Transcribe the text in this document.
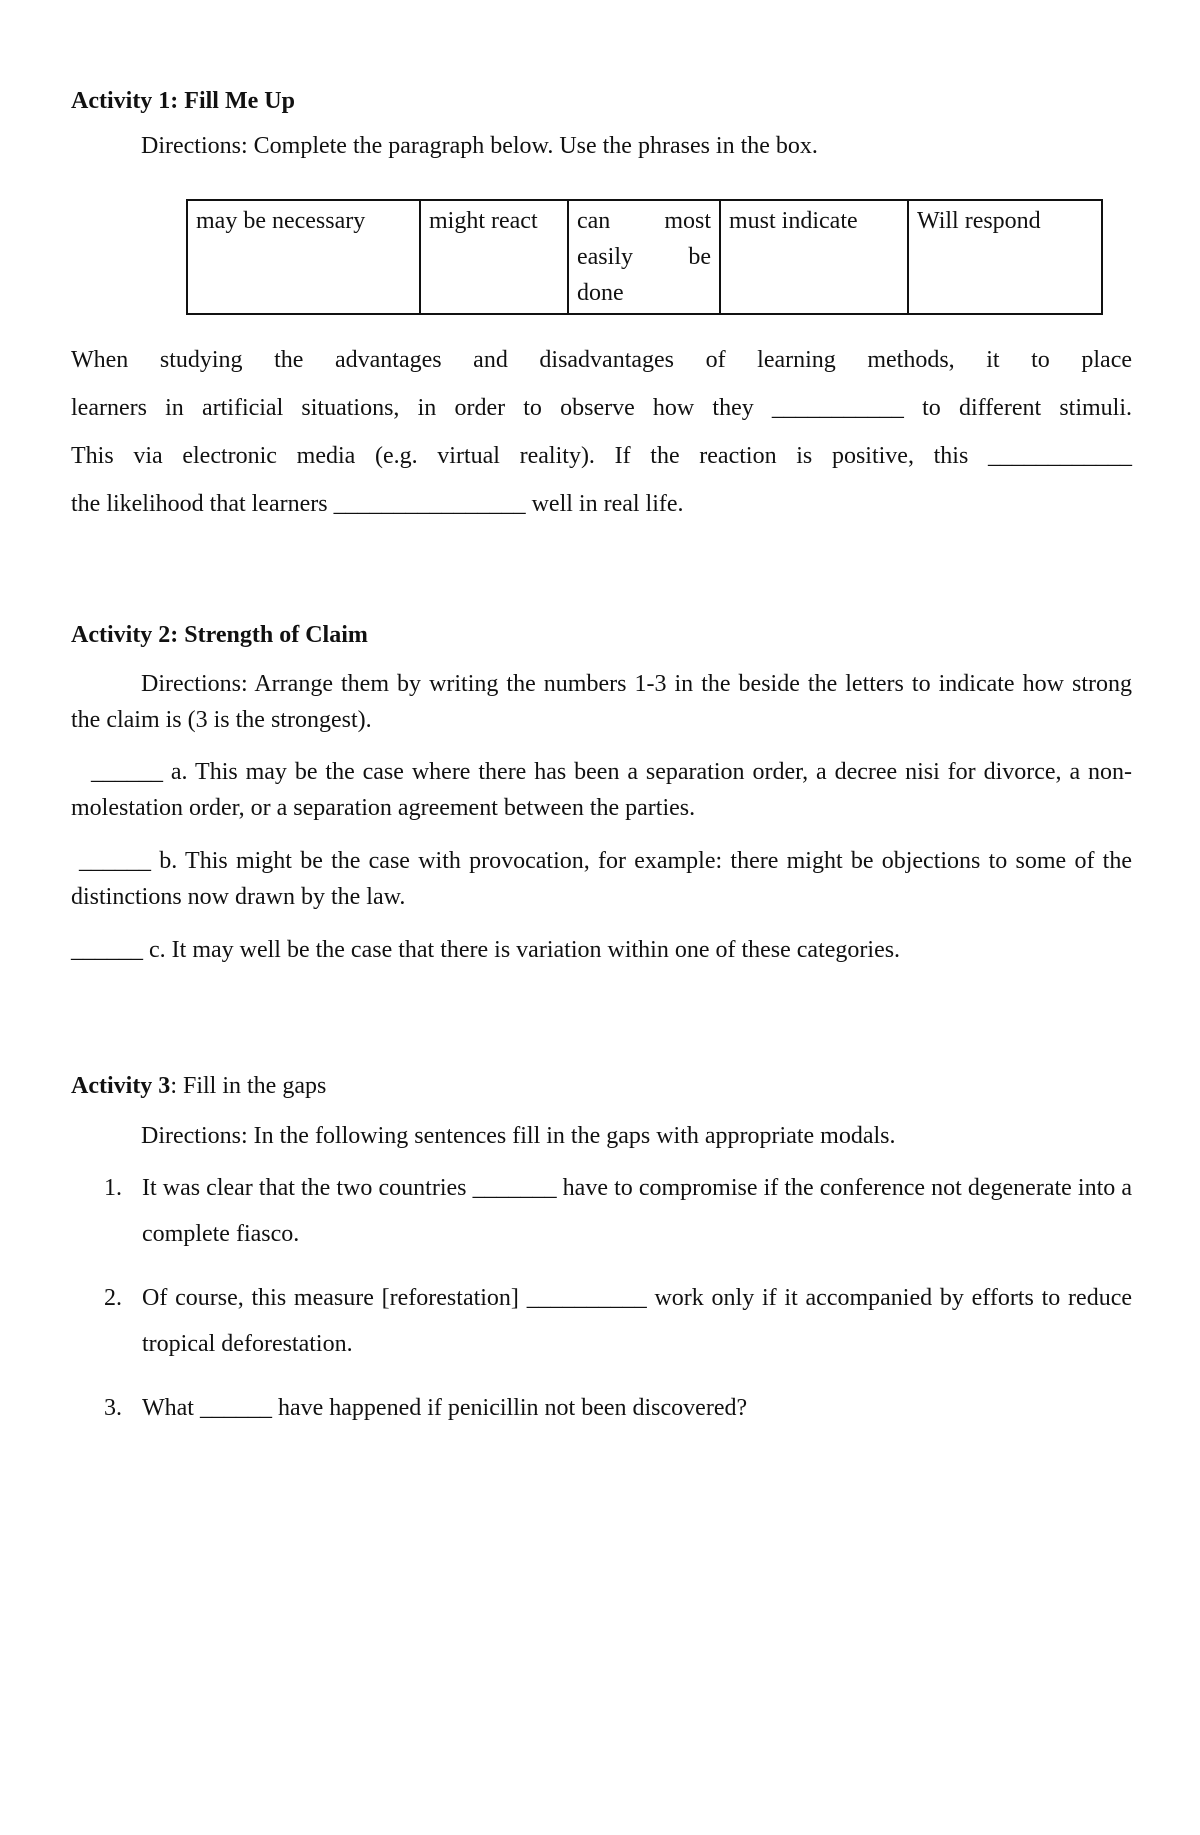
Activity 1: Fill Me Up
Directions: Complete the paragraph below. Use the phrases in the box.
may be necessary	might react	can most easily be done	must indicate	Will respond
When studying the advantages and disadvantages of learning methods, it to place
learners in artificial situations, in order to observe how they ___________ to different stimuli.
This via electronic media (e.g. virtual reality). If the reaction is positive, this ____________
the likelihood that learners ________________ well in real life.
Activity 2: Strength of Claim
Directions: Arrange them by writing the numbers 1-3 in the beside the letters to indicate how strong the claim is (3 is the strongest).
______ a. This may be the case where there has been a separation order, a decree nisi for divorce, a non-molestation order, or a separation agreement between the parties.
______ b. This might be the case with provocation, for example: there might be objections to some of the distinctions now drawn by the law.
______ c. It may well be the case that there is variation within one of these categories.
Activity 3: Fill in the gaps
Directions: In the following sentences fill in the gaps with appropriate modals.
1. It was clear that the two countries _______ have to compromise if the conference not degenerate into a complete fiasco.
2. Of course, this measure [reforestation] __________ work only if it accompanied by efforts to reduce tropical deforestation.
3. What ______ have happened if penicillin not been discovered?
